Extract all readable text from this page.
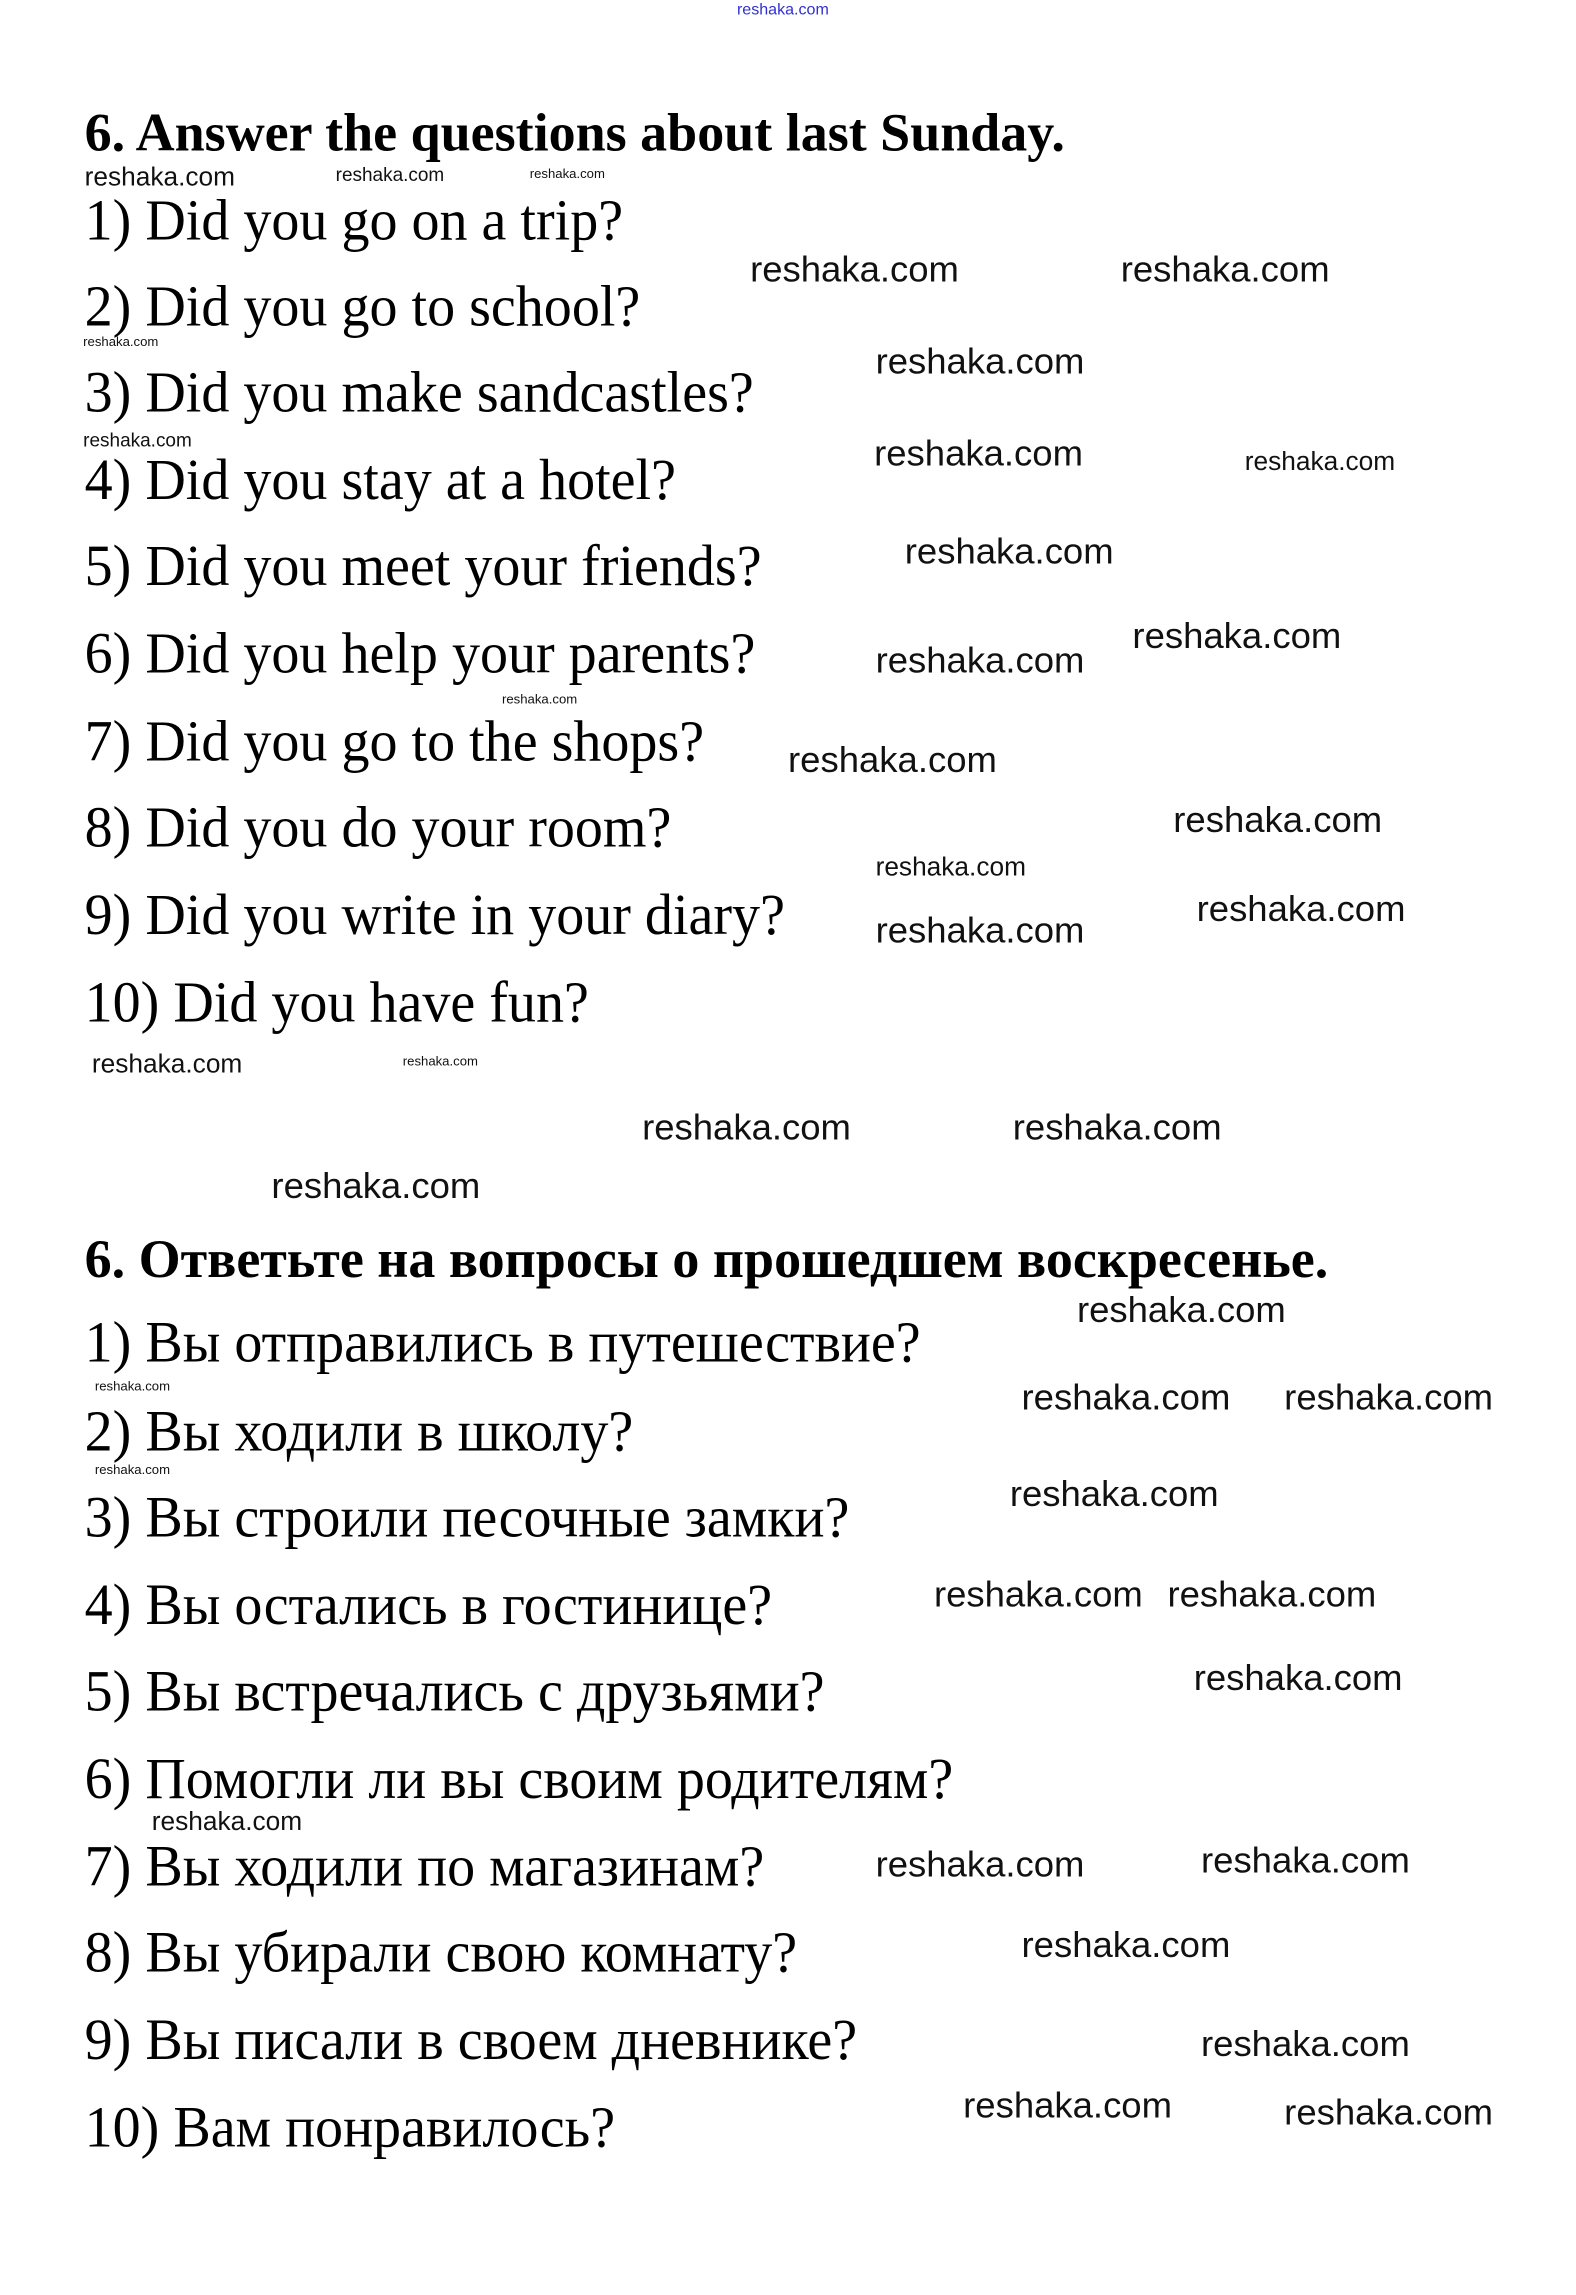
6. Answer the questions about last Sunday.
1) Did you go on a trip?
2) Did you go to school?
3) Did you make sandcastles?
4) Did you stay at a hotel?
5) Did you meet your friends?
6) Did you help your parents?
7) Did you go to the shops?
8) Did you do your room?
9) Did you write in your diary?
10) Did you have fun?
6. Ответьте на вопросы о прошедшем воскресенье.
1) Вы отправились в путешествие?
2) Вы ходили в школу?
3) Вы строили песочные замки?
4) Вы остались в гостинице?
5) Вы встречались с друзьями?
6) Помогли ли вы своим родителям?
7) Вы ходили по магазинам?
8) Вы убирали свою комнату?
9) Вы писали в своем дневнике?
10) Вам понравилось?
reshaka.com
reshaka.com	reshaka.com	reshaka.com
reshaka.com	reshaka.com
reshaka.com
reshaka.com
reshaka.com	reshaka.com	reshaka.com
reshaka.com
reshaka.com
reshaka.com
reshaka.com
reshaka.com
reshaka.com
reshaka.com
reshaka.com
reshaka.com
reshaka.com	reshaka.com
reshaka.com	reshaka.com
reshaka.com
reshaka.com
reshaka.com
reshaka.com	reshaka.com
reshaka.com
reshaka.com
reshaka.com reshaka.com
reshaka.com
reshaka.com
reshaka.com
reshaka.com
reshaka.com
reshaka.com	reshaka.com
reshaka.com
